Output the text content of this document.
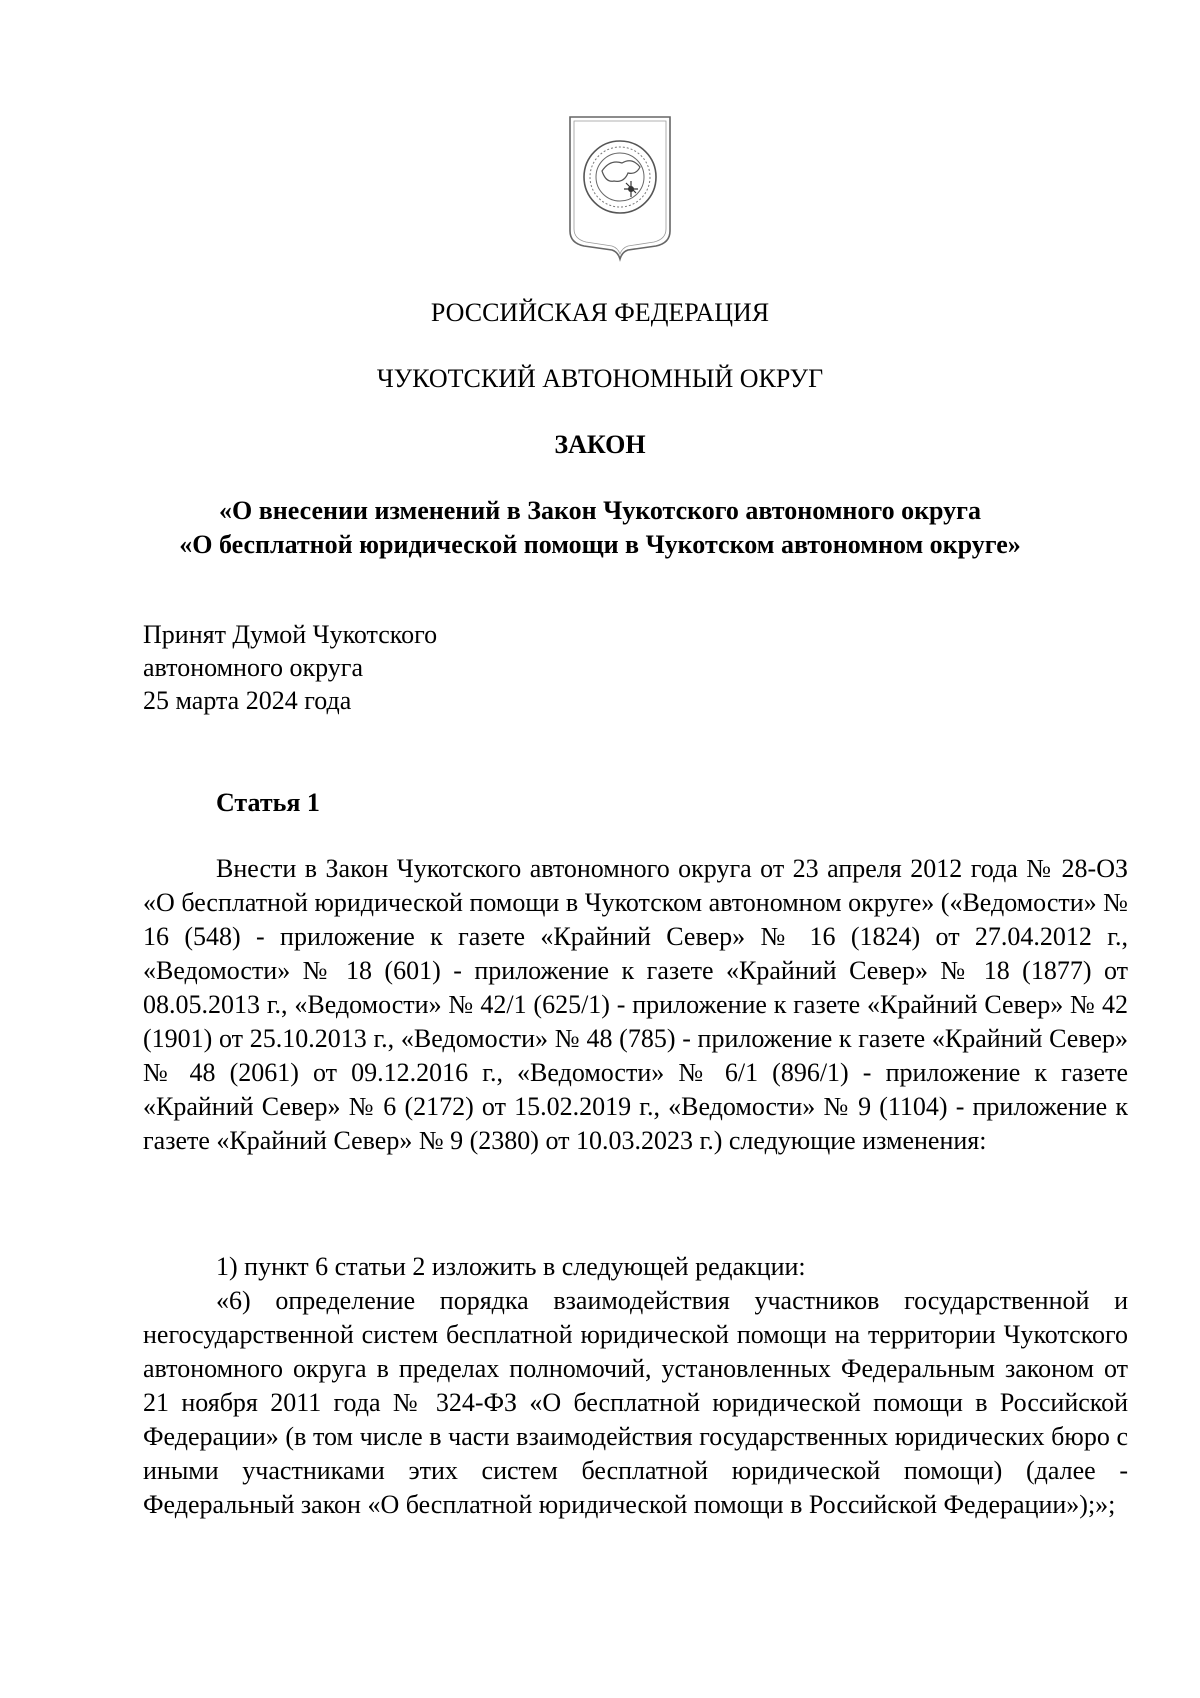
РОССИЙСКАЯ ФЕДЕРАЦИЯ
ЧУКОТСКИЙ АВТОНОМНЫЙ ОКРУГ
ЗАКОН
«О внесении изменений в Закон Чукотского автономного округа
«О бесплатной юридической помощи в Чукотском автономном округе»
Принят Думой Чукотского
автономного округа
25 марта 2024 года
Статья 1
Внести в Закон Чукотского автономного округа от 23 апреля 2012 года № 28-ОЗ «О бесплатной юридической помощи в Чукотском автономном округе» («Ведомости» № 16 (548) - приложение к газете «Крайний Север» № 16 (1824) от 27.04.2012 г., «Ведомости» № 18 (601) - приложение к газете «Крайний Север» № 18 (1877) от 08.05.2013 г., «Ведомости» № 42/1 (625/1) - приложение к газете «Крайний Север» № 42 (1901) от 25.10.2013 г., «Ведомости» № 48 (785) - приложение к газете «Крайний Север» № 48 (2061) от 09.12.2016 г., «Ведомости» № 6/1 (896/1) - приложение к газете «Крайний Север» № 6 (2172) от 15.02.2019 г., «Ведомости» № 9 (1104) - приложение к газете «Крайний Север» № 9 (2380) от 10.03.2023 г.) следующие изменения:
1) пункт 6 статьи 2 изложить в следующей редакции:
«6) определение порядка взаимодействия участников государственной и негосударственной систем бесплатной юридической помощи на территории Чукотского автономного округа в пределах полномочий, установленных Федеральным законом от 21 ноября 2011 года № 324-ФЗ «О бесплатной юридической помощи в Российской Федерации» (в том числе в части взаимодействия государственных юридических бюро с иными участниками этих систем бесплатной юридической помощи) (далее - Федеральный закон «О бесплатной юридической помощи в Российской Федерации»);»;
